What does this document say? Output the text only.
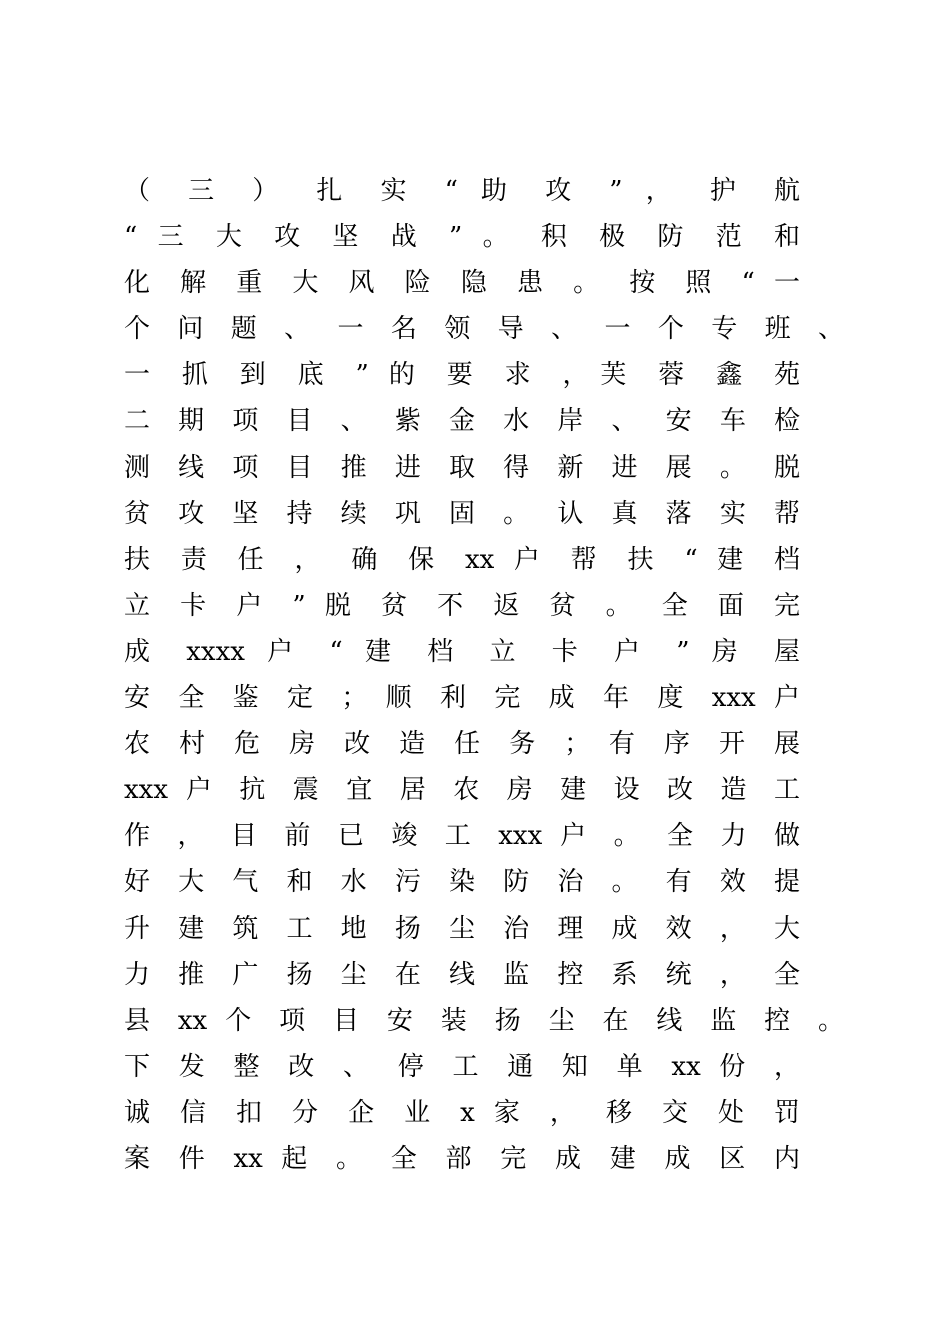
（ 三 ） 扎 实 “ 助 攻 ” ， 护 航
“ 三 大 攻 坚 战 ” 。 积 极 防 范 和
化 解 重 大 风 险 隐 患 。 按 照 “ 一
个 问 题 、 一 名 领 导 、 一 个 专 班 、
一 抓 到 底 ” 的 要 求 ，芙 蓉 鑫 苑
二 期 项 目 、 紫 金 水 岸 、 安 车 检
测 线 项 目 推 进 取 得 新 进 展 。 脱
贫 攻 坚 持 续 巩 固 。 认 真 落 实 帮
扶 责 任 ， 确 保 xx 户 帮 扶 “ 建 档
立 卡 户 ” 脱 贫 不 返 贫 。 全 面 完
成 xxxx 户 “ 建 档 立 卡 户 ” 房 屋
安 全 鉴 定 ； 顺 利 完 成 年 度 xxx 户
农 村 危 房 改 造 任 务 ； 有 序 开 展
xxx 户 抗 震 宜 居 农 房 建 设 改 造 工
作 ， 目 前 已 竣 工 xxx 户 。 全 力 做
好 大 气 和 水 污 染 防 治 。 有 效 提
升 建 筑 工 地 扬 尘 治 理 成 效 ， 大
力 推 广 扬 尘 在 线 监 控 系 统 ， 全
县 xx 个 项 目 安 装 扬 尘 在 线 监 控 。
下 发 整 改 、 停 工 通 知 单 xx 份 ，
诚 信 扣 分 企 业 x 家 ， 移 交 处 罚
案 件 xx 起 。 全 部 完 成 建 成 区 内
